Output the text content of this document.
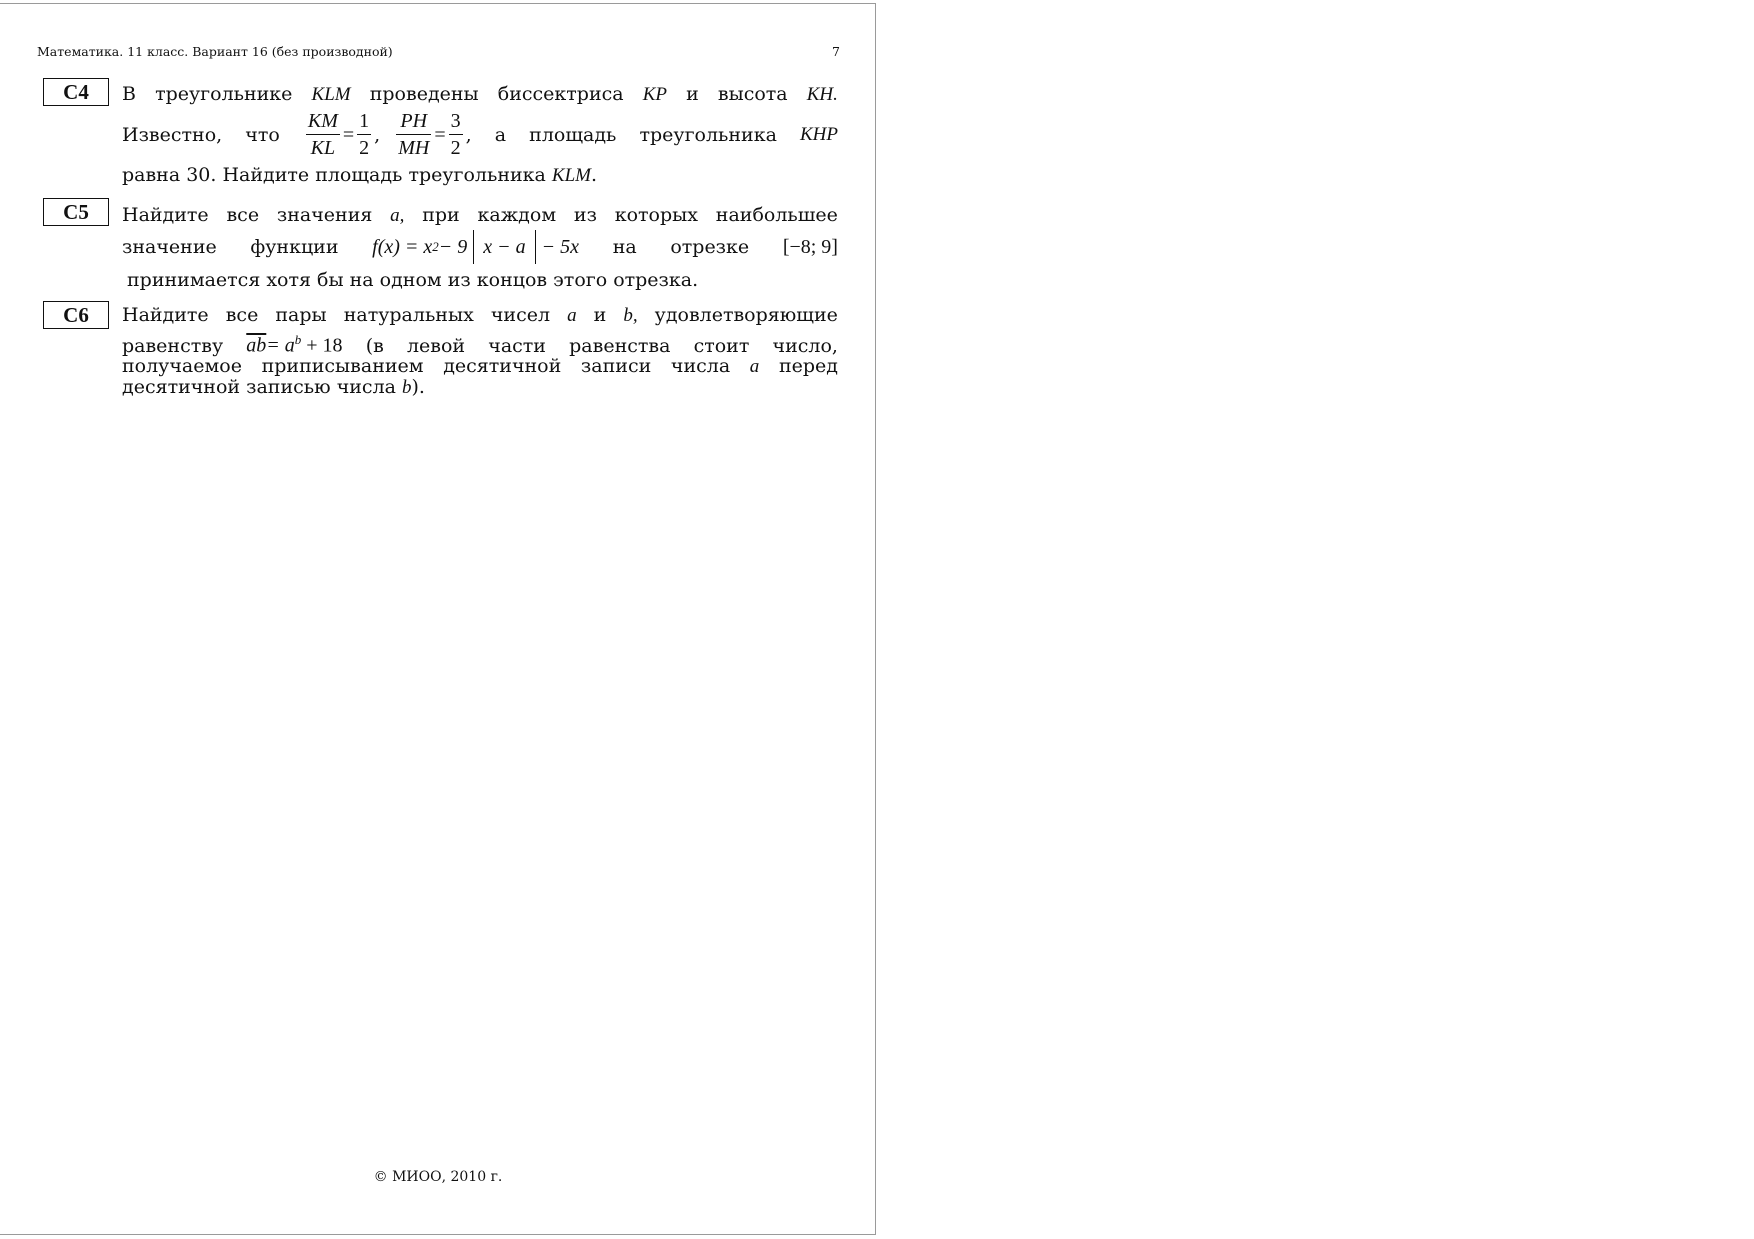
Математика. 11 класс. Вариант 16 (без производной)	7
C4	В треугольнике KLM проведены биссектриса KP и высота KH.
Известно, что $\frac{KM}{KL} = \frac{1}{2}$ , $\frac{PH}{MH} = \frac{3}{2}$ , а площадь треугольника KHP
равна 30. Найдите площадь треугольника KLM.
C5	Найдите все значения a, при каждом из которых наибольшее
значение функции f(x) = x 2 − 9 x − a − 5x на отрезке [−8; 9]
принимается хотя бы на одном из концов этого отрезка.
C6	Найдите все пары натуральных чисел a и b, удовлетворяющие
равенству $\overline{ab}= a^b + 18$ (в левой части равенства стоит число,
получаемое приписыванием десятичной записи числа a перед
десятичной записью числа b).
© МИОО, 2010 г.
